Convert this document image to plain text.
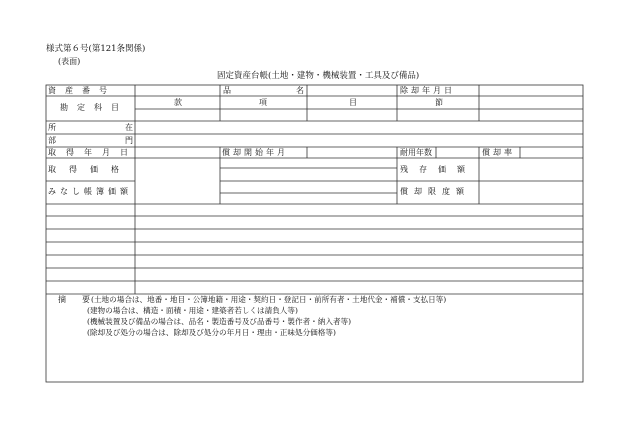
様式第６号(第121条関係)
(表面)
固定資産台帳(土地・建物・機械装置・工具及び備品)
資産番号	品	名	除却年月日
勘定科目
款	項	目	節
所	在
部	門
取得年月日	償却開始年月	耐用年数	償却率
取得価格	残存価額
みなし帳簿価額	償却限度額
摘　　要 (土地の場合は、地番・地目・公簿地籍・用途・契約日・登記日・前所有者・土地代金・補償・支払日等)
(建物の場合は、構造・面積・用途・建築者若しくは請負人等)
(機械装置及び備品の場合は、品名・製造番号及び品番号・製作者・納入者等)
(除却及び処分の場合は、除却及び処分の年月日・理由・正味処分価格等)
